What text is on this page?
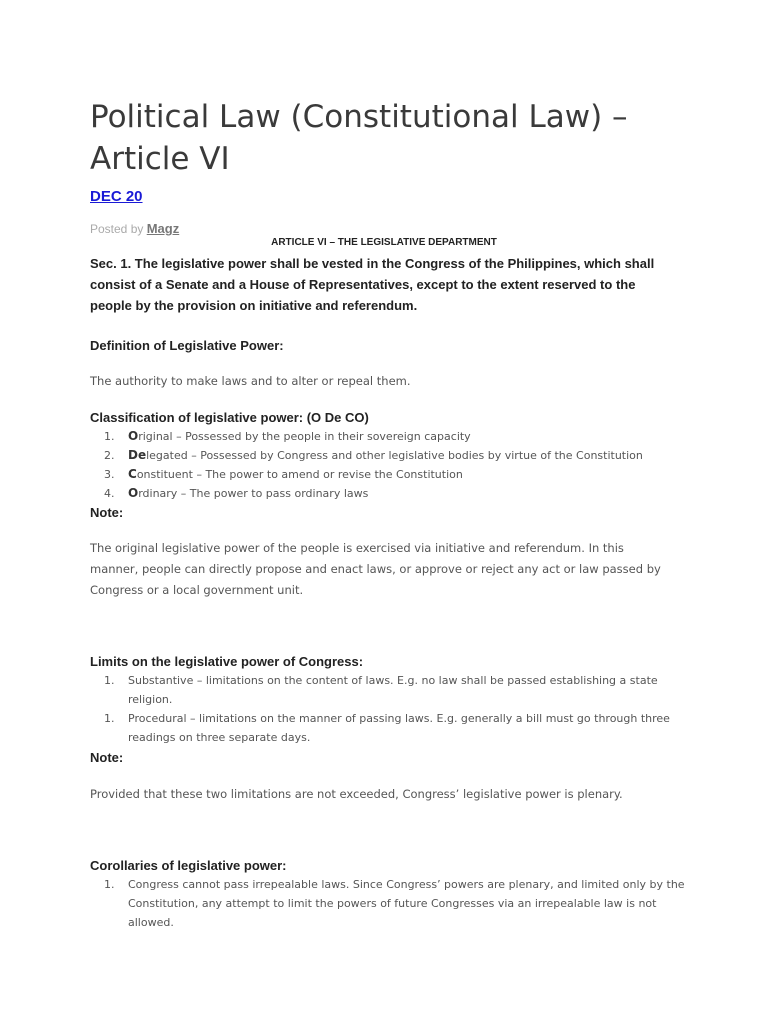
Political Law (Constitutional Law) – Article VI
DEC 20
Posted by Magz
ARTICLE VI – THE LEGISLATIVE DEPARTMENT

Sec. 1. The legislative power shall be vested in the Congress of the Philippines, which shall consist of a Senate and a House of Representatives, except to the extent reserved to the people by the provision on initiative and referendum.

Definition of Legislative Power:

The authority to make laws and to alter or repeal them.

Classification of legislative power: (O De CO)

1. Original – Possessed by the people in their sovereign capacity
2. Delegated – Possessed by Congress and other legislative bodies by virtue of the Constitution
3. Constituent – The power to amend or revise the Constitution
4. Ordinary – The power to pass ordinary laws

Note:

The original legislative power of the people is exercised via initiative and referendum. In this manner, people can directly propose and enact laws, or approve or reject any act or law passed by Congress or a local government unit.

Limits on the legislative power of Congress:

1. Substantive – limitations on the content of laws. E.g. no law shall be passed establishing a state religion.
1. Procedural – limitations on the manner of passing laws. E.g. generally a bill must go through three readings on three separate days.

Note:

Provided that these two limitations are not exceeded, Congress’ legislative power is plenary.

Corollaries of legislative power:

1. Congress cannot pass irrepealable laws. Since Congress’ powers are plenary, and limited only by the Constitution, any attempt to limit the powers of future Congresses via an irrepealable law is not allowed.
